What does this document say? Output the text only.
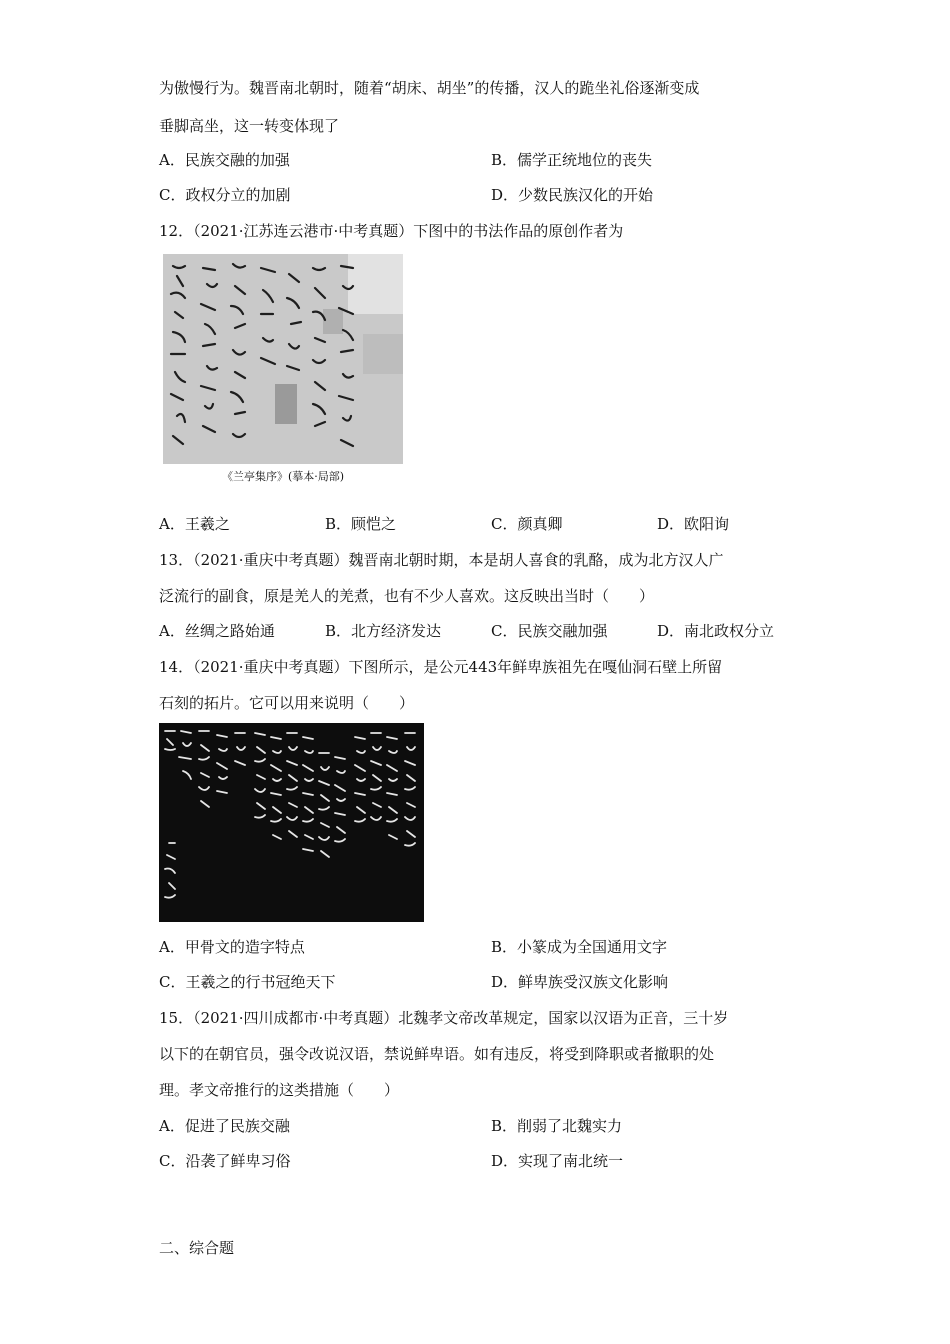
为傲慢行为。魏晋南北朝时，随着“胡床、胡坐”的传播，汉人的跪坐礼俗逐渐变成
垂脚高坐，这一转变体现了
A．民族交融的加强	B．儒学正统地位的丧失
C．政权分立的加剧	D．少数民族汉化的开始
12．（2021·江苏连云港市·中考真题）下图中的书法作品的原创作者为
《兰亭集序》(摹本·局部)
A．王羲之	B．顾恺之	C．颜真卿	D．欧阳询
13．（2021·重庆中考真题）魏晋南北朝时期，本是胡人喜食的乳酪，成为北方汉人广
泛流行的副食，原是羌人的羌煮，也有不少人喜欢。这反映出当时（　　）
A．丝绸之路始通	B．北方经济发达	C．民族交融加强	D．南北政权分立
14．（2021·重庆中考真题）下图所示，是公元443年鲜卑族祖先在嘎仙洞石壁上所留
石刻的拓片。它可以用来说明（　　）
A．甲骨文的造字特点	B．小篆成为全国通用文字
C．王羲之的行书冠绝天下	D．鲜卑族受汉族文化影响
15．（2021·四川成都市·中考真题）北魏孝文帝改革规定，国家以汉语为正音，三十岁
以下的在朝官员，强令改说汉语，禁说鲜卑语。如有违反，将受到降职或者撤职的处
理。孝文帝推行的这类措施（　　）
A．促进了民族交融	B．削弱了北魏实力
C．沿袭了鲜卑习俗	D．实现了南北统一
二、综合题
